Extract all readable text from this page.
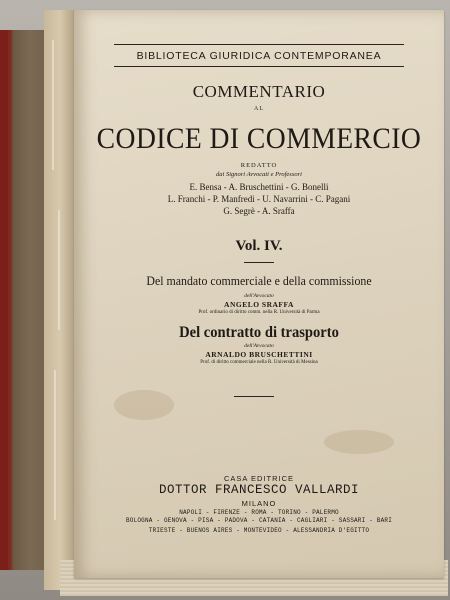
BIBLIOTECA GIURIDICA CONTEMPORANEA
COMMENTARIO
AL
CODICE DI COMMERCIO
REDATTO
dai Signori Avvocati e Professori
E. Bensa - A. Bruschettini - G. Bonelli
L. Franchi - P. Manfredi - U. Navarrini - C. Pagani
G. Segrè - A. Sraffa
Vol. IV.
Del mandato commerciale e della commissione
dell'Avvocato
ANGELO SRAFFA
Prof. ordinario di diritto comm. nella R. Università di Parma
Del contratto di trasporto
dell'Avvocato
ARNALDO BRUSCHETTINI
Prof. di diritto commerciale nella R. Università di Messina
CASA EDITRICE
DOTTOR FRANCESCO VALLARDI
MILANO
NAPOLI - FIRENZE - ROMA - TORINO - PALERMO
BOLOGNA - GENOVA - PISA - PADOVA - CATANIA - CAGLIARI - SASSARI - BARI
TRIESTE - BUENOS AIRES - MONTEVIDEO - ALESSANDRIA D'EGITTO
